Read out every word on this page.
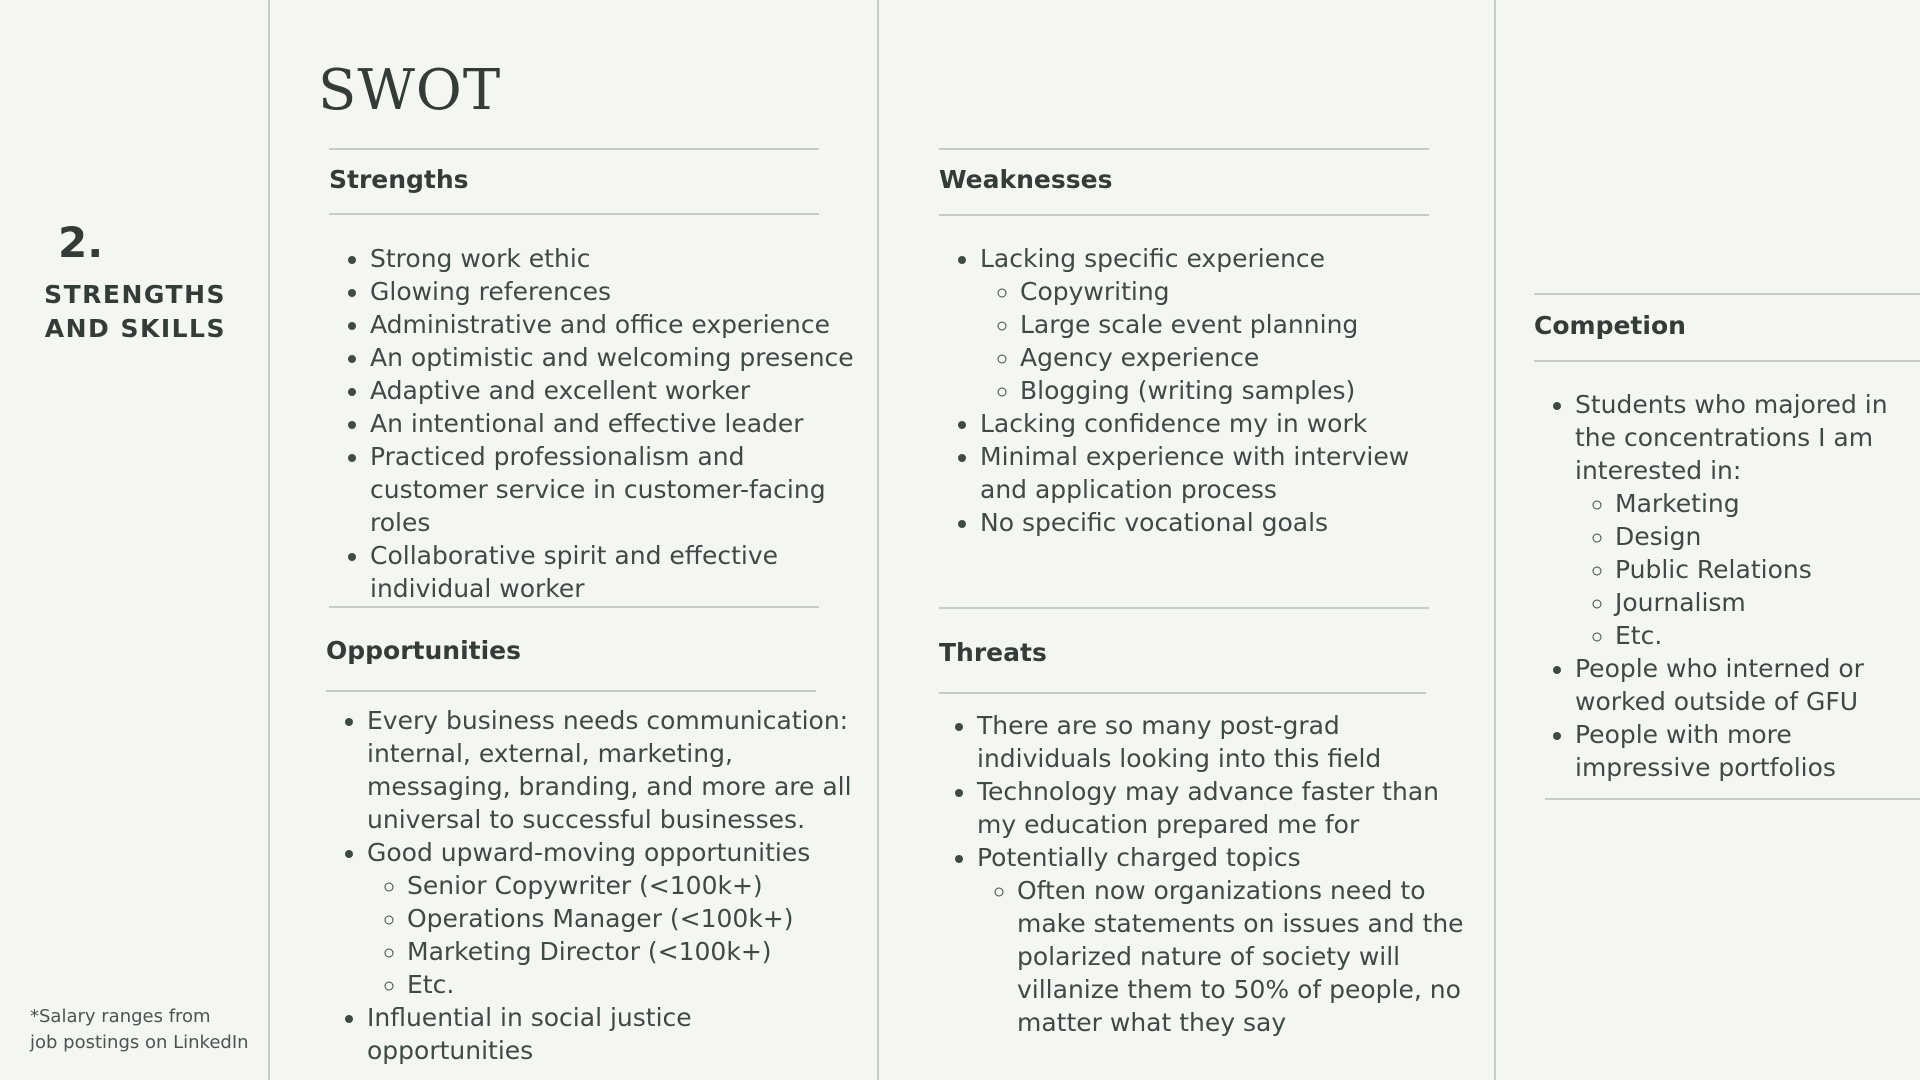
2.
STRENGTHS
AND SKILLS
*Salary ranges from
job postings on LinkedIn
SWOT
Strengths
• Strong work ethic
• Glowing references
• Administrative and office experience
• An optimistic and welcoming presence
• Adaptive and excellent worker
• An intentional and effective leader
• Practiced professionalism and customer service in customer-facing roles
• Collaborative spirit and effective individual worker
Weaknesses
• Lacking specific experience
◦ Copywriting
◦ Large scale event planning
◦ Agency experience
◦ Blogging (writing samples)
• Lacking confidence my in work
• Minimal experience with interview and application process
• No specific vocational goals
Opportunities
• Every business needs communication: internal, external, marketing, messaging, branding, and more are all universal to successful businesses.
• Good upward-moving opportunities
◦ Senior Copywriter (<100k+)
◦ Operations Manager (<100k+)
◦ Marketing Director (<100k+)
◦ Etc.
• Influential in social justice opportunities
Threats
• There are so many post-grad individuals looking into this field
• Technology may advance faster than my education prepared me for
• Potentially charged topics
◦ Often now organizations need to make statements on issues and the polarized nature of society will villanize them to 50% of people, no matter what they say
Competion
• Students who majored in the concentrations I am interested in:
◦ Marketing
◦ Design
◦ Public Relations
◦ Journalism
◦ Etc.
• People who interned or worked outside of GFU
• People with more impressive portfolios
